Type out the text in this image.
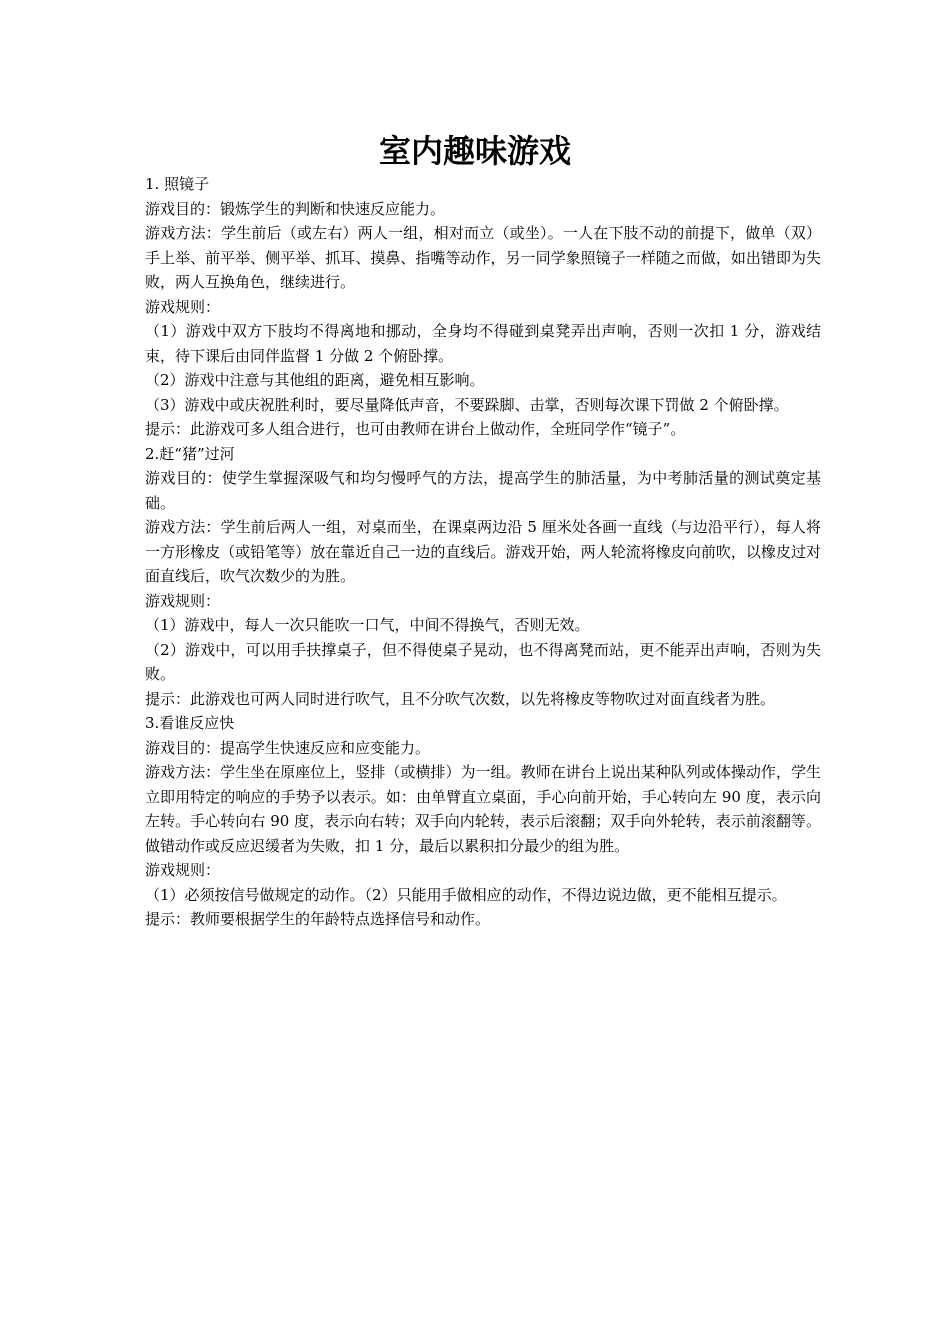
室内趣味游戏

1. 照镜子

游戏目的：锻炼学生的判断和快速反应能力。

游戏方法：学生前后（或左右）两人一组，相对而立（或坐）。一人在下肢不动的前提下，做单（双）手上举、前平举、侧平举、抓耳、摸鼻、指嘴等动作，另一同学象照镜子一样随之而做，如出错即为失败，两人互换角色，继续进行。

游戏规则：

（1）游戏中双方下肢均不得离地和挪动，全身均不得碰到桌凳弄出声响，否则一次扣 1 分，游戏结束，待下课后由同伴监督 1 分做 2 个俯卧撑。

（2）游戏中注意与其他组的距离，避免相互影响。

（3）游戏中或庆祝胜利时，要尽量降低声音，不要跺脚、击掌，否则每次课下罚做 2 个俯卧撑。

提示：此游戏可多人组合进行，也可由教师在讲台上做动作，全班同学作“镜子”。

2.赶“猪”过河

游戏目的：使学生掌握深吸气和均匀慢呼气的方法，提高学生的肺活量，为中考肺活量的测试奠定基础。

游戏方法：学生前后两人一组，对桌而坐，在课桌两边沿 5 厘米处各画一直线（与边沿平行），每人将一方形橡皮（或铅笔等）放在靠近自己一边的直线后。游戏开始，两人轮流将橡皮向前吹，以橡皮过对面直线后，吹气次数少的为胜。

游戏规则：

（1）游戏中，每人一次只能吹一口气，中间不得换气，否则无效。

（2）游戏中，可以用手扶撑桌子，但不得使桌子晃动，也不得离凳而站，更不能弄出声响，否则为失败。

提示：此游戏也可两人同时进行吹气，且不分吹气次数，以先将橡皮等物吹过对面直线者为胜。

3.看谁反应快

游戏目的：提高学生快速反应和应变能力。

游戏方法：学生坐在原座位上，竖排（或横排）为一组。教师在讲台上说出某种队列或体操动作，学生立即用特定的响应的手势予以表示。如：由单臂直立桌面，手心向前开始，手心转向左 90 度，表示向左转。手心转向右 90 度，表示向右转；双手向内轮转，表示后滚翻；双手向外轮转，表示前滚翻等。做错动作或反应迟缓者为失败，扣 1 分，最后以累积扣分最少的组为胜。

游戏规则：

（1）必须按信号做规定的动作。（2）只能用手做相应的动作，不得边说边做，更不能相互提示。

提示：教师要根据学生的年龄特点选择信号和动作。
